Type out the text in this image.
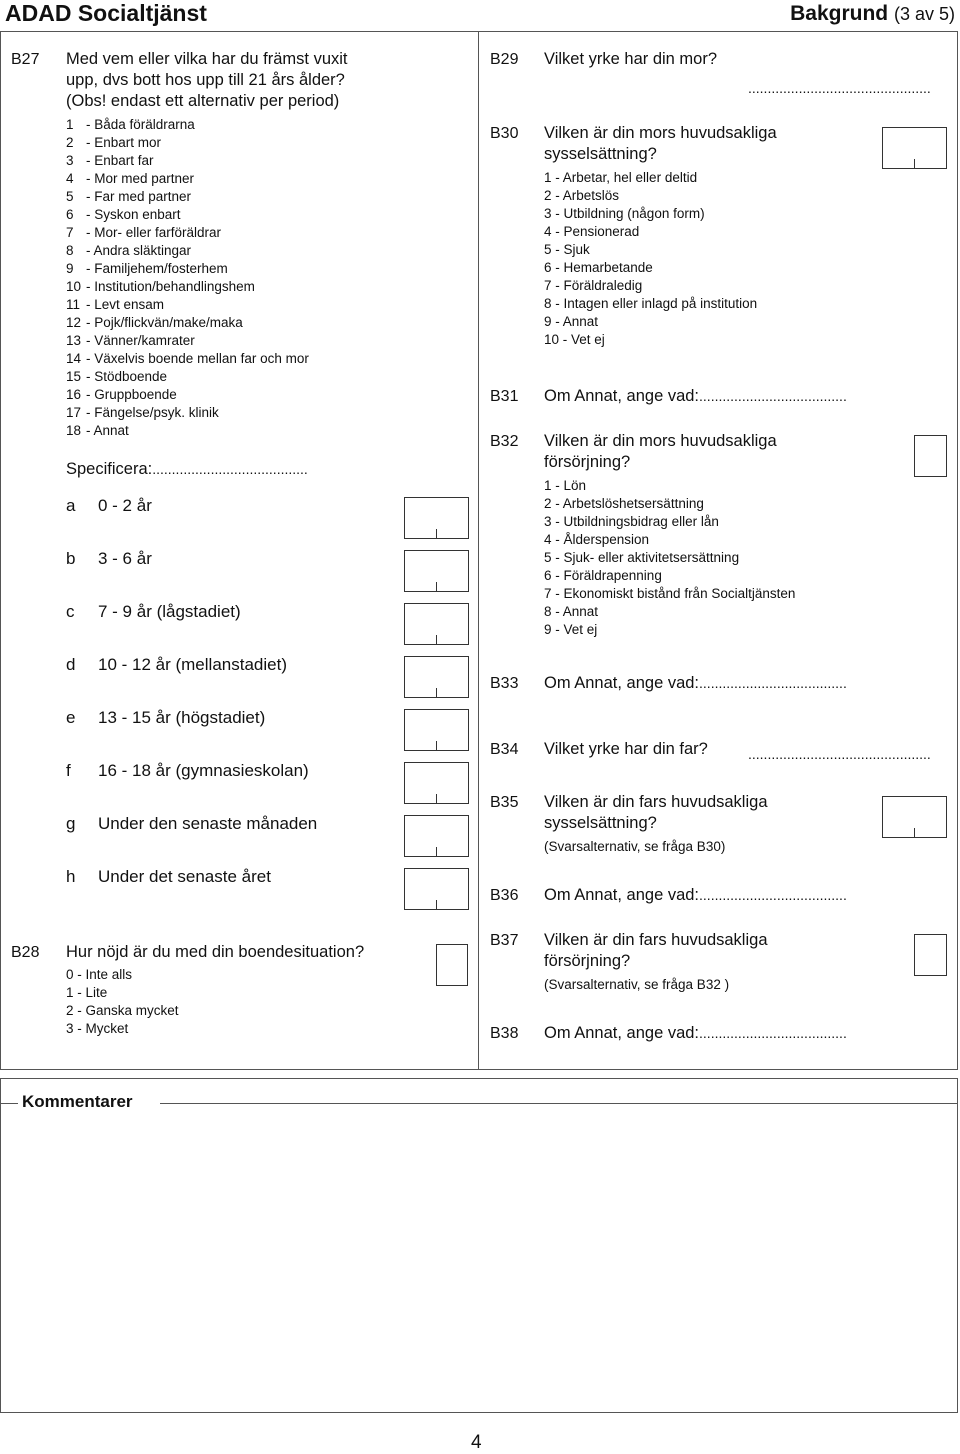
ADAD Socialtjänst	Bakgrund (3 av 5)
B27 Med vem eller vilka har du främst vuxit
upp, dvs bott hos upp till 21 års ålder?
(Obs! endast ett alternativ per period)
1 - Båda föräldrarna
2 - Enbart mor
3 - Enbart far
4 - Mor med partner
5 - Far med partner
6 - Syskon enbart
7 - Mor- eller farföräldrar
8 - Andra släktingar
9 - Familjehem/fosterhem
10 - Institution/behandlingshem
11 - Levt ensam
12 - Pojk/flickvän/make/maka
13 - Vänner/kamrater
14 - Växelvis boende mellan far och mor
15 - Stödboende
16 - Gruppboende
17 - Fängelse/psyk. klinik
18 - Annat
Specificera:........................................
a 0 - 2 år
b 3 - 6 år
c 7 - 9 år (lågstadiet)
d 10 - 12 år (mellanstadiet)
e 13 - 15 år (högstadiet)
f 16 - 18 år (gymnasieskolan)
g Under den senaste månaden
h Under det senaste året
B28 Hur nöjd är du med din boendesituation?
0 - Inte alls
1 - Lite
2 - Ganska mycket
3 - Mycket
B29 Vilket yrke har din mor?
...............................................
B30 Vilken är din mors huvudsakliga
sysselsättning?
1 - Arbetar, hel eller deltid
2 - Arbetslös
3 - Utbildning (någon form)
4 - Pensionerad
5 - Sjuk
6 - Hemarbetande
7 - Föräldraledig
8 - Intagen eller inlagd på institution
9 - Annat
10 - Vet ej
B31 Om Annat, ange vad:......................................
B32 Vilken är din mors huvudsakliga
försörjning?
1 - Lön
2 - Arbetslöshetsersättning
3 - Utbildningsbidrag eller lån
4 - Ålderspension
5 - Sjuk- eller aktivitetsersättning
6 - Föräldrapenning
7 - Ekonomiskt bistånd från Socialtjänsten
8 - Annat
9 - Vet ej
B33 Om Annat, ange vad:......................................
B34 Vilket yrke har din far?	...............................................
B35 Vilken är din fars huvudsakliga
sysselsättning?
(Svarsalternativ, se fråga B30)
B36 Om Annat, ange vad:......................................
B37 Vilken är din fars huvudsakliga
försörjning?
(Svarsalternativ, se fråga B32 )
B38 Om Annat, ange vad:......................................
Kommentarer
4
